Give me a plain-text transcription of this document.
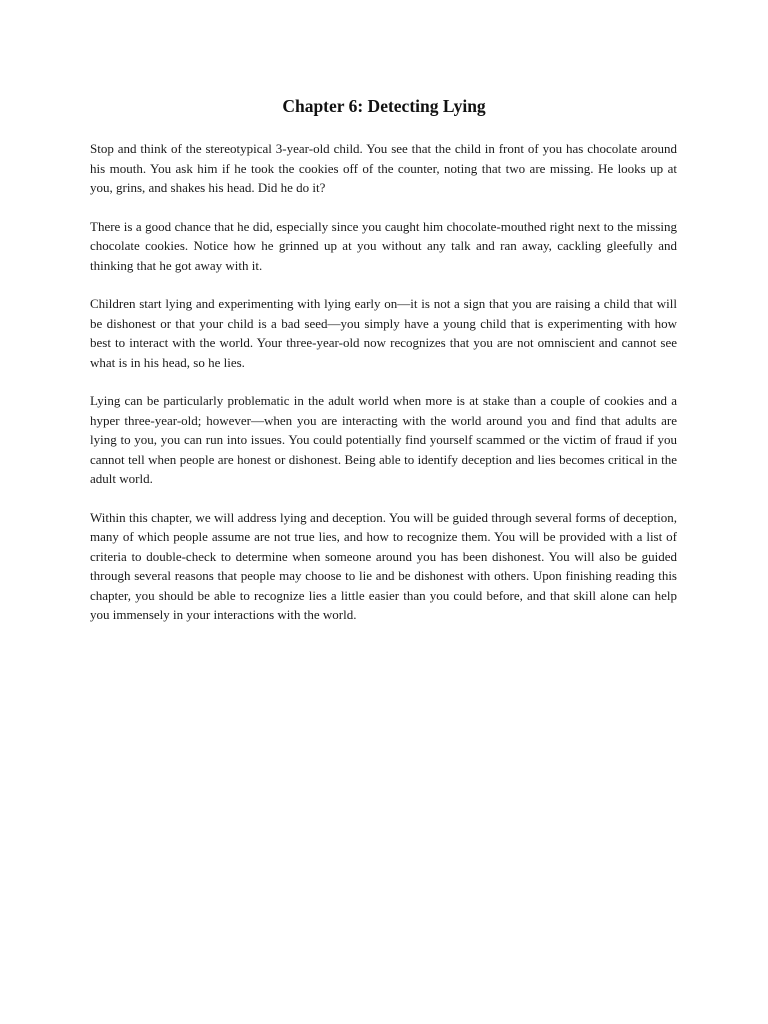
Chapter 6: Detecting Lying

Stop and think of the stereotypical 3-year-old child. You see that the child in front of you has chocolate around his mouth. You ask him if he took the cookies off of the counter, noting that two are missing. He looks up at you, grins, and shakes his head. Did he do it?

There is a good chance that he did, especially since you caught him chocolate-mouthed right next to the missing chocolate cookies. Notice how he grinned up at you without any talk and ran away, cackling gleefully and thinking that he got away with it.

Children start lying and experimenting with lying early on—it is not a sign that you are raising a child that will be dishonest or that your child is a bad seed—you simply have a young child that is experimenting with how best to interact with the world. Your three-year-old now recognizes that you are not omniscient and cannot see what is in his head, so he lies.

Lying can be particularly problematic in the adult world when more is at stake than a couple of cookies and a hyper three-year-old; however—when you are interacting with the world around you and find that adults are lying to you, you can run into issues. You could potentially find yourself scammed or the victim of fraud if you cannot tell when people are honest or dishonest. Being able to identify deception and lies becomes critical in the adult world.

Within this chapter, we will address lying and deception. You will be guided through several forms of deception, many of which people assume are not true lies, and how to recognize them. You will be provided with a list of criteria to double-check to determine when someone around you has been dishonest. You will also be guided through several reasons that people may choose to lie and be dishonest with others. Upon finishing reading this chapter, you should be able to recognize lies a little easier than you could before, and that skill alone can help you immensely in your interactions with the world.
